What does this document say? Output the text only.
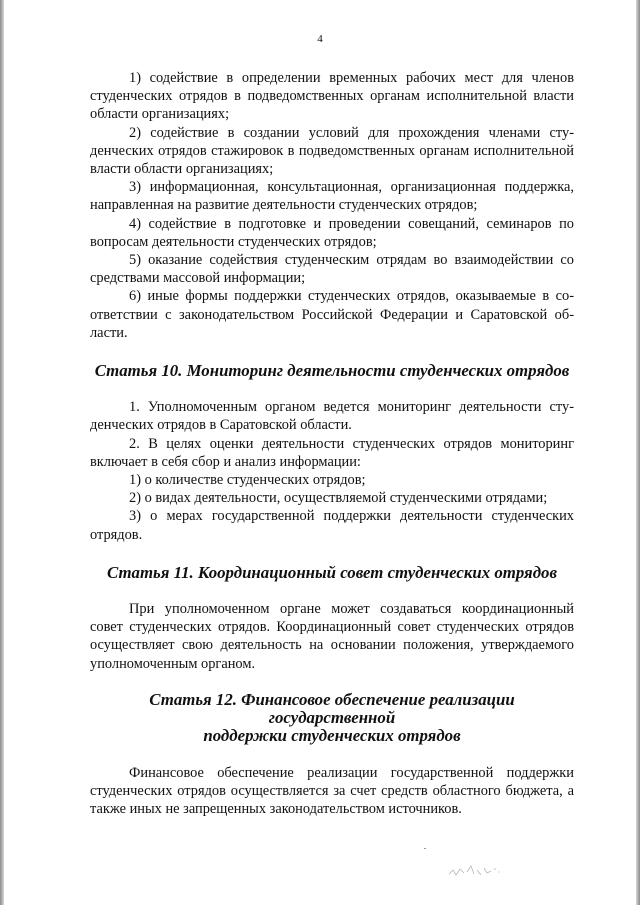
4

1) содействие в определении временных рабочих мест для членов студенческих отрядов в подведомственных органам исполнительной власти области организациях;

2) содействие в создании условий для прохождения членами студенческих отрядов стажировок в подведомственных органам исполнительной власти области организациях;

3) информационная, консультационная, организационная поддержка, направленная на развитие деятельности студенческих отрядов;

4) содействие в подготовке и проведении совещаний, семинаров по вопросам деятельности студенческих отрядов;

5) оказание содействия студенческим отрядам во взаимодействии со средствами массовой информации;

6) иные формы поддержки студенческих отрядов, оказываемые в соответствии с законодательством Российской Федерации и Саратовской области.

Статья 10. Мониторинг деятельности студенческих отрядов

1. Уполномоченным органом ведется мониторинг деятельности студенческих отрядов в Саратовской области.

2. В целях оценки деятельности студенческих отрядов мониторинг включает в себя сбор и анализ информации:

1) о количестве студенческих отрядов;

2) о видах деятельности, осуществляемой студенческими отрядами;

3) о мерах государственной поддержки деятельности студенческих отрядов.

Статья 11. Координационный совет студенческих отрядов

При уполномоченном органе может создаваться координационный совет студенческих отрядов. Координационный совет студенческих отрядов осуществляет свою деятельность на основании положения, утверждаемого уполномоченным органом.

Статья 12. Финансовое обеспечение реализации государственной
поддержки студенческих отрядов

Финансовое обеспечение реализации государственной поддержки студенческих отрядов осуществляется за счет средств областного бюджета, а также иных не запрещенных законодательством источников.
